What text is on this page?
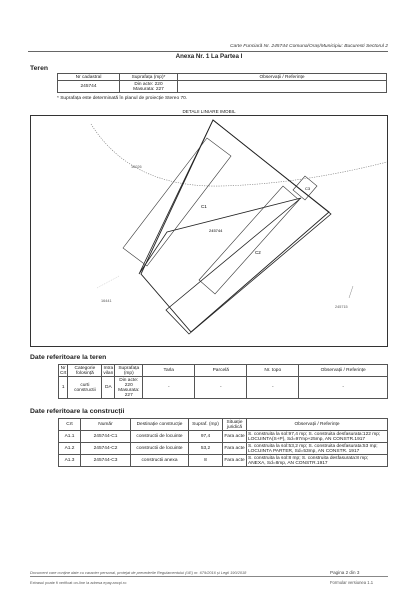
Carte Funciară Nr. 245744 Comuna/Oraș/Municipiu: Bucuresti Sectorul 2
Anexa Nr. 1 La Partea I
Teren
Nr cadastral	Suprafața (mp)*	Observații / Referințe
245744	Din acte: 220
Masurata: 227	

* Suprafața este determinată în planul de proiecție Stereo 70.
DETALII LINIARE IMOBIL
C1
C2
C3
245744
16026
16441
245715
Date referitoare la teren
Nr Crt	Categorie folosință	Intra vilan	Suprafața (mp)	Tarla	Parcelă	Nr. topo	Observații / Referințe
1	curti constructii	DA	Din acte: 220 Masurata: 227	-	-	-	-
Date referitoare la construcții
Crt	Număr	Destinație construcție	Supraf. (mp)	Situație juridică	Observații / Referințe
A1.1	245744-C1	constructii de locuinte	97,4	Fara acte	S. construita la sol:97,4 mp; S. construita desfasurata:122 mp; LOCUINTA(S+P), Sd=97mp+25mp, AN CONSTR.1917
A1.2	245744-C2	constructii de locuinte	53,2	Fara acte	S. construita la sol:53,2 mp; S. construita desfasurata:53 mp; LOCUINTA PARTER, Sd=53mp, AN CONSTR. 1917
A1.3	245744-C3	constructii anexa	8	Fara acte	S. construita la sol:8 mp; S. construita desfasurata:8 mp; ANEXA, Sd=8mp, AN CONSTR.1917
Document care conține date cu caracter personal, protejat de prevederile Regulamentului (UE) nr. 679/2016 și Legii 190/2018	Pagina 2 din 3
Extrasul poate fi verificat on-line la adresa epay.ancpi.ro	Formular versiunea 1.1
